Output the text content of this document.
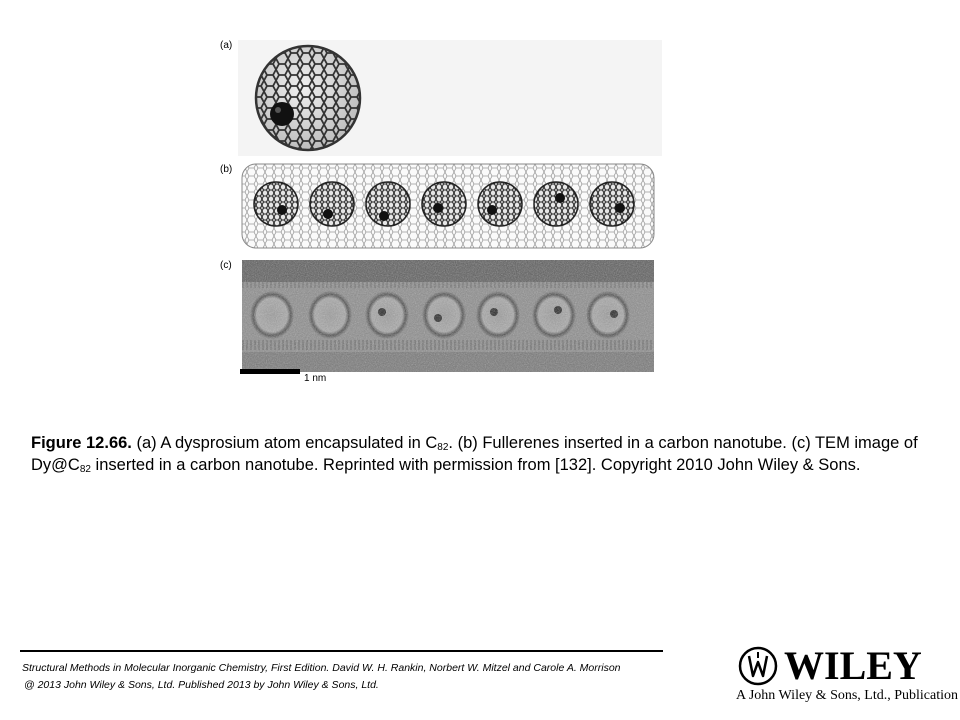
(a)
(b)
(c)
1 nm
Figure 12.66. (a) A dysprosium atom encapsulated in $C_{82}$. (b) Fullerenes inserted in a carbon nanotube. (c) TEM image of $Dy@C_{82}$ inserted in a carbon nanotube. Reprinted with permission from [132]. Copyright 2010 John Wiley & Sons.
Structural Methods in Molecular Inorganic Chemistry, First Edition. David W. H. Rankin, Norbert W. Mitzel and Carole A. Morrison
@ 2013 John Wiley & Sons, Ltd. Published 2013 by John Wiley & Sons, Ltd.	WILEY
A John Wiley & Sons, Ltd., Publication
